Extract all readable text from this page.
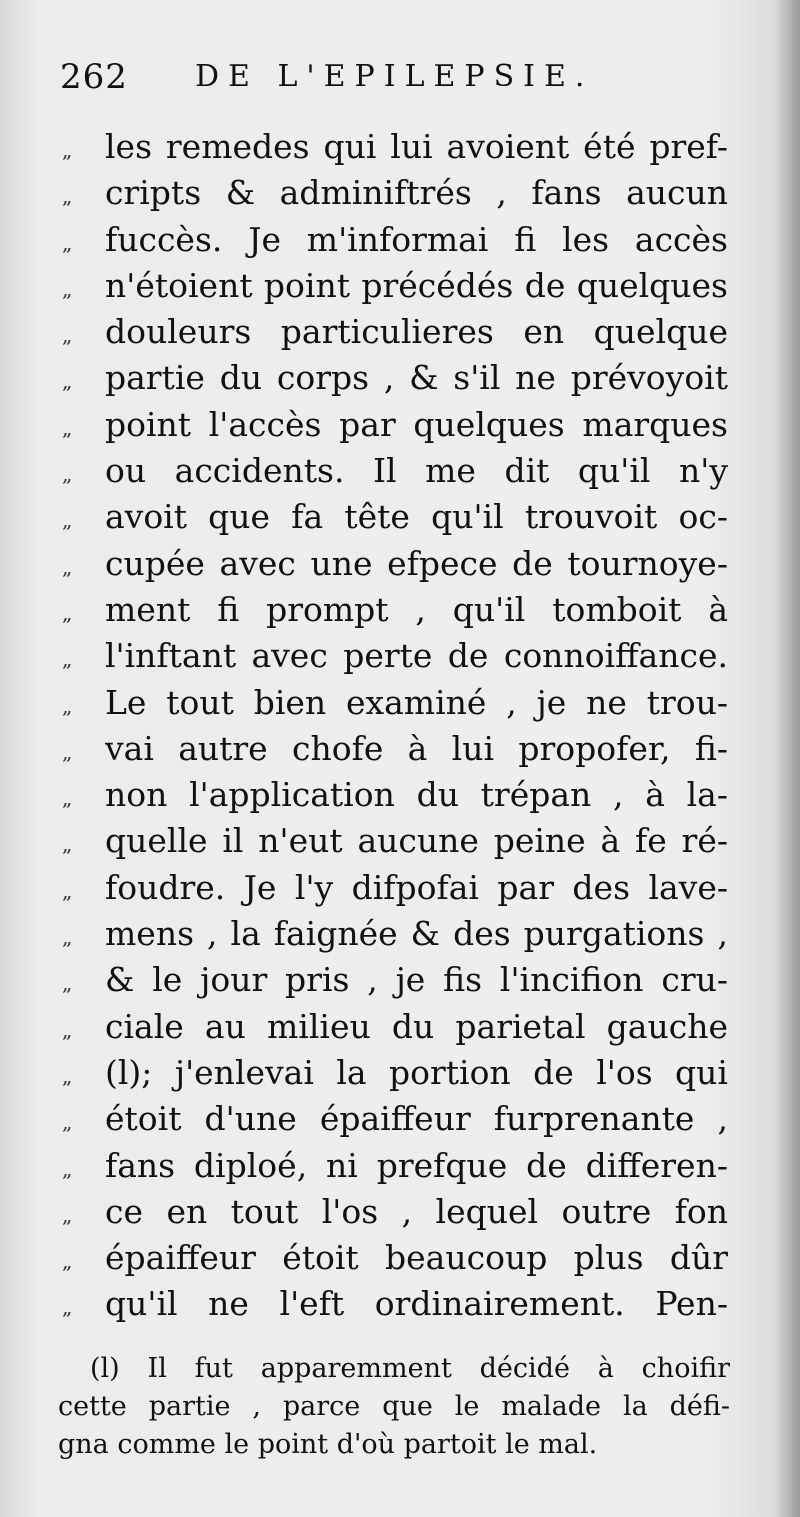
262 DE L'EPILEPSIE.
„ les remedes qui lui avoient été pref-
„ cripts & adminiftrés , fans aucun
„ fuccès. Je m'informai fi les accès
„ n'étoient point précédés de quelques
„ douleurs particulieres en quelque
„ partie du corps , & s'il ne prévoyoit
„ point l'accès par quelques marques
„ ou accidents. Il me dit qu'il n'y
„ avoit que fa tête qu'il trouvoit oc-
„ cupée avec une efpece de tournoye-
„ ment fi prompt , qu'il tomboit à
„ l'inftant avec perte de connoiffance.
„ Le tout bien examiné , je ne trou-
„ vai autre chofe à lui propofer, fi-
„ non l'application du trépan , à la-
„ quelle il n'eut aucune peine à fe ré-
„ foudre. Je l'y difpofai par des lave-
„ mens , la faignée & des purgations ,
„ & le jour pris , je fis l'incifion cru-
„ ciale au milieu du parietal gauche
„ (l); j'enlevai la portion de l'os qui
„ étoit d'une épaiffeur furprenante ,
„ fans diploé, ni prefque de differen-
„ ce en tout l'os , lequel outre fon
„ épaiffeur étoit beaucoup plus dûr
„ qu'il ne l'eft ordinairement. Pen-
(l) Il fut apparemment décidé à choifir
cette partie , parce que le malade la défi-
gna comme le point d'où partoit le mal.
